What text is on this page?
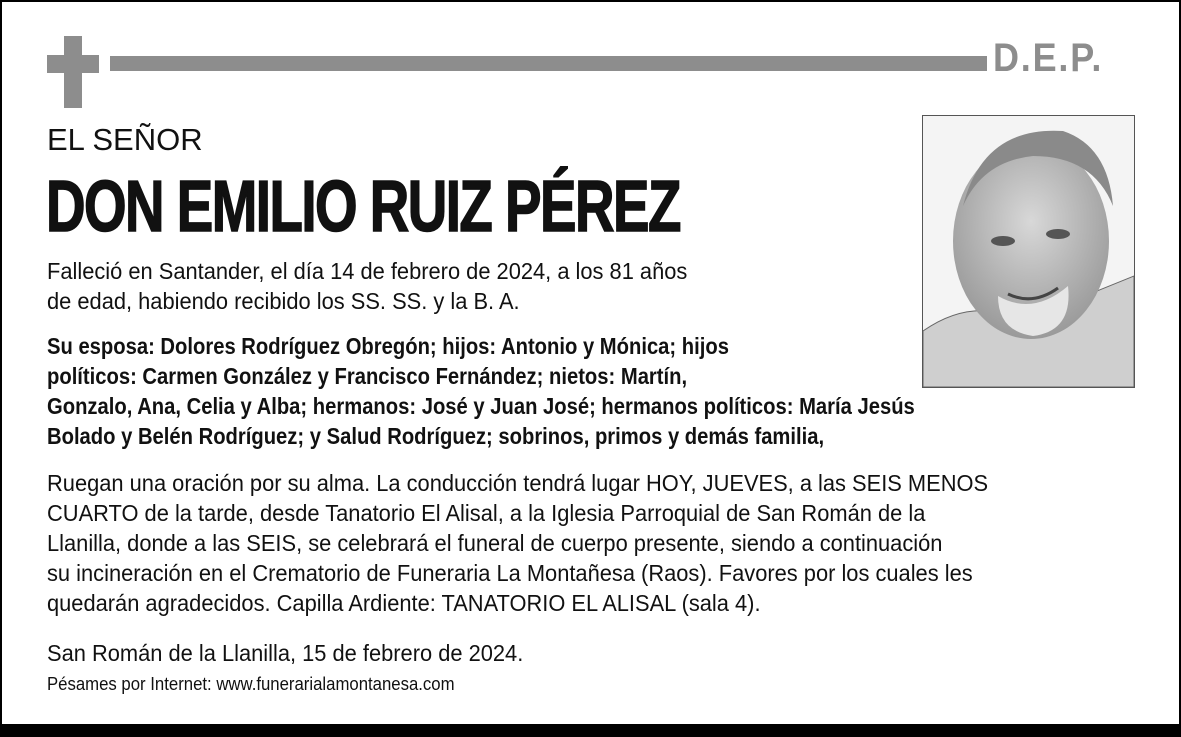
D.E.P.
EL SEÑOR
DON EMILIO RUIZ PÉREZ
Falleció en Santander, el día 14 de febrero de 2024, a los 81 años
de edad, habiendo recibido los SS. SS. y la B. A.
Su esposa: Dolores Rodríguez Obregón; hijos: Antonio y Mónica; hijos
políticos: Carmen González y Francisco Fernández; nietos: Martín,
Gonzalo, Ana, Celia y Alba; hermanos: José y Juan José; hermanos políticos: María Jesús
Bolado y Belén Rodríguez; y Salud Rodríguez; sobrinos, primos y demás familia,
Ruegan una oración por su alma. La conducción tendrá lugar HOY, JUEVES, a las SEIS MENOS
CUARTO de la tarde, desde Tanatorio El Alisal, a la Iglesia Parroquial de San Román de la
Llanilla, donde a las SEIS, se celebrará el funeral de cuerpo presente, siendo a continuación
su incineración en el Crematorio de Funeraria La Montañesa (Raos). Favores por los cuales les
quedarán agradecidos. Capilla Ardiente: TANATORIO EL ALISAL (sala 4).
San Román de la Llanilla, 15 de febrero de 2024.
Pésames por Internet: www.funerarialamontanesa.com
